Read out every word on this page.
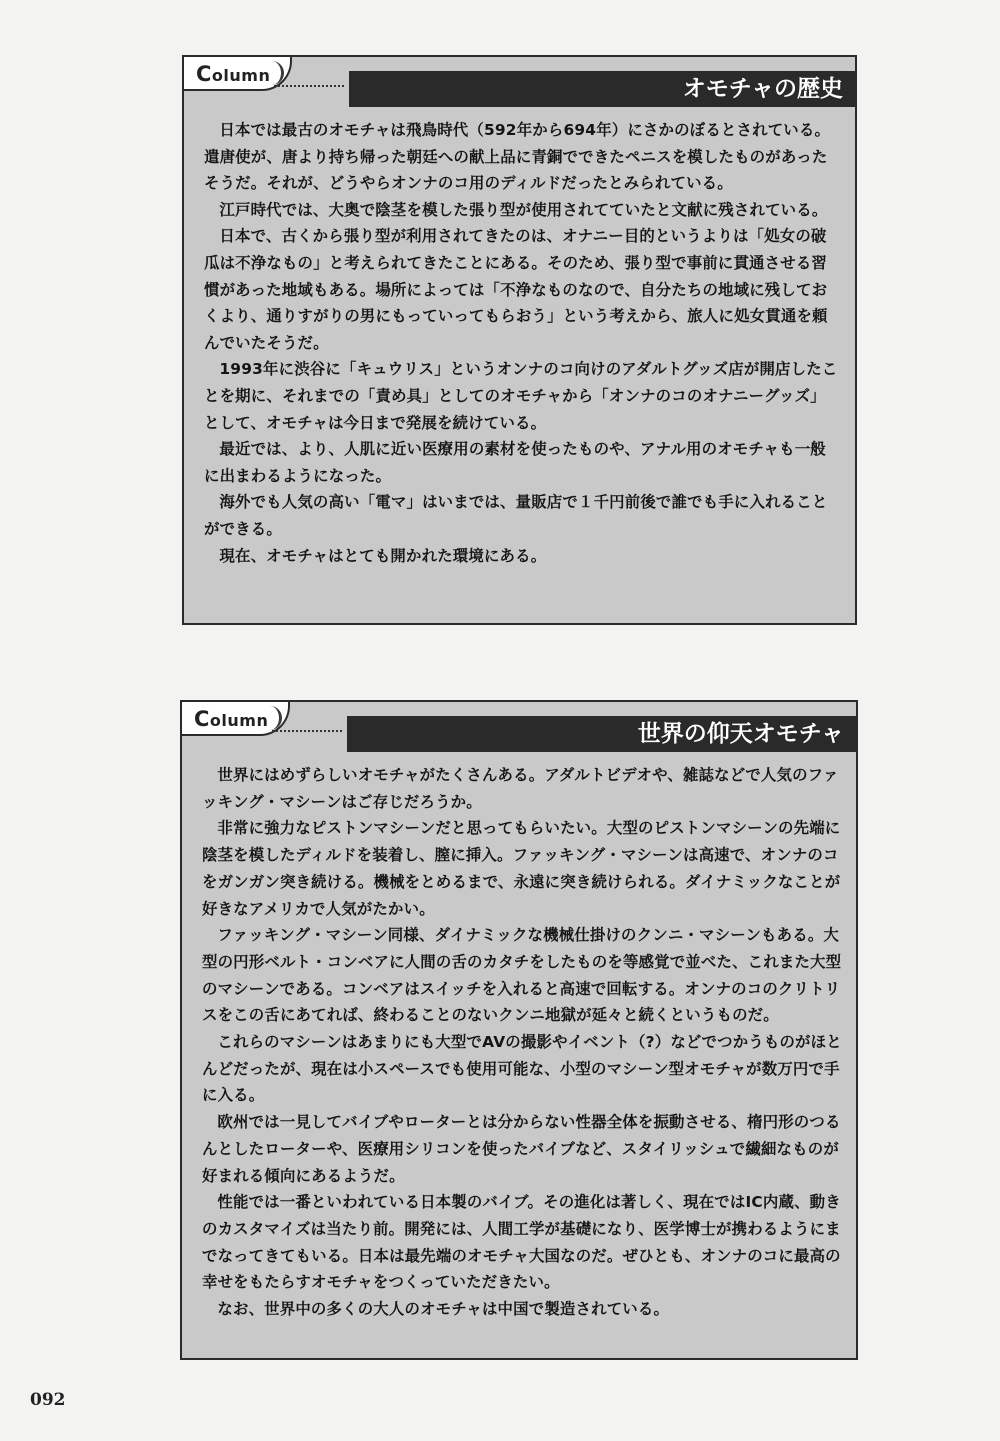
Column
オモチャの歴史

日本では最古のオモチャは飛鳥時代（592年から694年）にさかのぼるとされている。遣唐使が、唐より持ち帰った朝廷への献上品に青銅でできたペニスを模したものがあったそうだ。それが、どうやらオンナのコ用のディルドだったとみられている。

江戸時代では、大奥で陰茎を模した張り型が使用されてていたと文献に残されている。

日本で、古くから張り型が利用されてきたのは、オナニー目的というよりは「処女の破瓜は不浄なもの」と考えられてきたことにある。そのため、張り型で事前に貫通させる習慣があった地域もある。場所によっては「不浄なものなので、自分たちの地域に残しておくより、通りすがりの男にもっていってもらおう」という考えから、旅人に処女貫通を頼んでいたそうだ。

1993年に渋谷に「キュウリス」というオンナのコ向けのアダルトグッズ店が開店したことを期に、それまでの「責め具」としてのオモチャから「オンナのコのオナニーグッズ」として、オモチャは今日まで発展を続けている。

最近では、より、人肌に近い医療用の素材を使ったものや、アナル用のオモチャも一般に出まわるようになった。

海外でも人気の高い「電マ」はいまでは、量販店で１千円前後で誰でも手に入れることができる。

現在、オモチャはとても開かれた環境にある。

Column
世界の仰天オモチャ

世界にはめずらしいオモチャがたくさんある。アダルトビデオや、雑誌などで人気のファッキング・マシーンはご存じだろうか。

非常に強力なピストンマシーンだと思ってもらいたい。大型のピストンマシーンの先端に陰茎を模したディルドを装着し、膣に挿入。ファッキング・マシーンは高速で、オンナのコをガンガン突き続ける。機械をとめるまで、永遠に突き続けられる。ダイナミックなことが好きなアメリカで人気がたかい。

ファッキング・マシーン同様、ダイナミックな機械仕掛けのクンニ・マシーンもある。大型の円形ベルト・コンベアに人間の舌のカタチをしたものを等感覚で並べた、これまた大型のマシーンである。コンベアはスイッチを入れると高速で回転する。オンナのコのクリトリスをこの舌にあてれば、終わることのないクンニ地獄が延々と続くというものだ。

これらのマシーンはあまりにも大型でAVの撮影やイベント（?）などでつかうものがほとんどだったが、現在は小スペースでも使用可能な、小型のマシーン型オモチャが数万円で手に入る。

欧州では一見してバイブやローターとは分からない性器全体を振動させる、楕円形のつるんとしたローターや、医療用シリコンを使ったバイブなど、スタイリッシュで繊細なものが好まれる傾向にあるようだ。

性能では一番といわれている日本製のバイブ。その進化は著しく、現在ではIC内蔵、動きのカスタマイズは当たり前。開発には、人間工学が基礎になり、医学博士が携わるようにまでなってきてもいる。日本は最先端のオモチャ大国なのだ。ぜひとも、オンナのコに最高の幸せをもたらすオモチャをつくっていただきたい。

なお、世界中の多くの大人のオモチャは中国で製造されている。

092
